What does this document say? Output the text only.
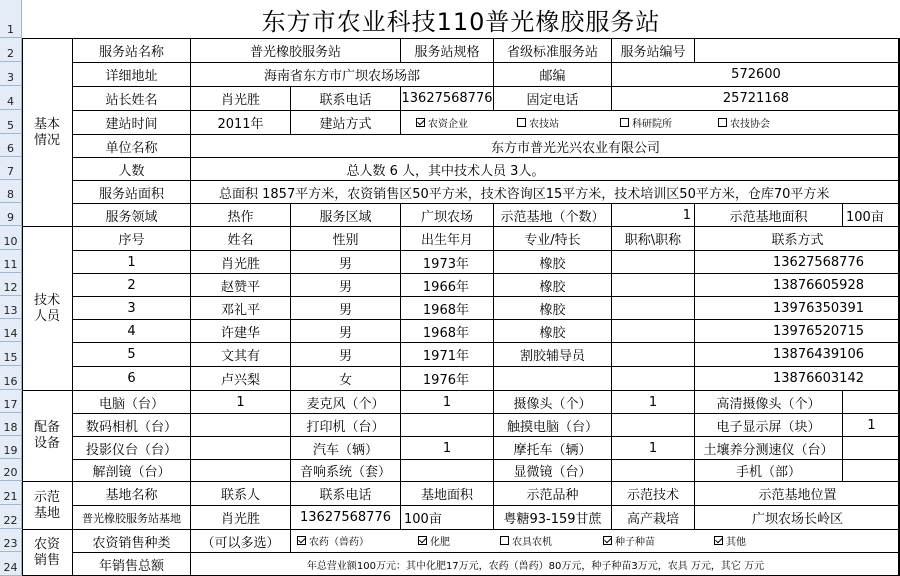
1
2
3
4
5
6
7
8
9
10
11
12
13
14
15
16
17
18
19
20
21
22
23
24
东方市农业科技110普光橡胶服务站
基本情况
技术人员
配备设备
示范基地
农资销售
服务站名称	普光橡胶服务站	服务站规格	省级标准服务站	服务站编号
详细地址	海南省东方市广坝农场场部	邮编	572600
站长姓名	肖光胜	联系电话	13627568776	固定电话	25721168
建站时间	2011年	建站方式	农资企业	农技站	科研院所	农技协会
单位名称	东方市普光光兴农业有限公司
人数	总人数 6 人，其中技术人员 3人。
服务站面积	总面积 1857平方米，农资销售区50平方米，技术咨询区15平方米，技术培训区50平方米，仓库70平方米
服务领域	热作	服务区域	广坝农场	示范基地（个数）	1	示范基地面积	100亩
序号	姓名	性别	出生年月	专业/特长	职称\职称	联系方式
1	肖光胜	男	1973年	橡胶	13627568776
2	赵赞平	男	1966年	橡胶	13876605928
3	邓礼平	男	1968年	橡胶	13976350391
4	许建华	男	1968年	橡胶	13976520715
5	文其有	男	1971年	割胶辅导员	13876439106
6	卢兴梨	女	1976年	13876603142
电脑（台）	1	麦克风（个）	1	摄像头（个）	1	高清摄像头（个）
数码相机（台）	打印机（台）	触摸电脑（台）	电子显示屏（块）	1
投影仪台（台）	汽车（辆）	1	摩托车（辆）	1	土壤养分测速仪（台）
解剖镜（台）	音响系统（套）	显微镜（台）	手机（部）
基地名称	联系人	联系电话	基地面积	示范品种	示范技术	示范基地位置
普光橡胶服务站基地	肖光胜	13627568776	100亩	粤糖93-159甘蔗	高产栽培	广坝农场长岭区
农资销售种类	（可以多选）	农药（兽药）	化肥	农具农机	种子种苗	其他
年销售总额	年总营业额100万元：其中化肥17万元，农药（兽药）80万元，种子种苗3万元，农具 万元，其它 万元
